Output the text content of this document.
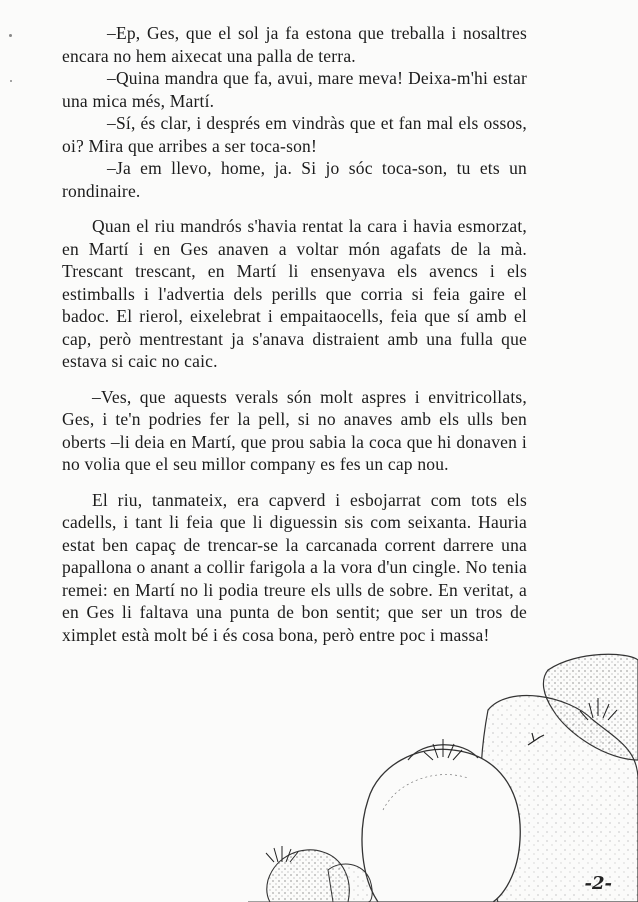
–Ep, Ges, que el sol ja fa estona que treballa i nosaltres encara no hem aixecat una palla de terra.

–Quina mandra que fa, avui, mare meva! Deixa-m'hi estar una mica més, Martí.

–Sí, és clar, i després em vindràs que et fan mal els ossos, oi? Mira que arribes a ser toca-son!

–Ja em llevo, home, ja. Si jo sóc toca-son, tu ets un rondinaire.

Quan el riu mandrós s'havia rentat la cara i havia esmorzat, en Martí i en Ges anaven a voltar món agafats de la mà. Trescant trescant, en Martí li ensenyava els avencs i els estimballs i l'advertia dels perills que corria si feia gaire el badoc. El rierol, eixelebrat i empaitaocells, feia que sí amb el cap, però mentrestant ja s'anava distraient amb una fulla que estava si caic no caic.

–Ves, que aquests verals són molt aspres i envitricollats, Ges, i te'n podries fer la pell, si no anaves amb els ulls ben oberts –li deia en Martí, que prou sabia la coca que hi donaven i no volia que el seu millor company es fes un cap nou.

El riu, tanmateix, era capverd i esbojarrat com tots els cadells, i tant li feia que li diguessin sis com seixanta. Hauria estat ben capaç de trencar-se la carcanada corrent darrere una papallona o anant a collir farigola a la vora d'un cingle. No tenia remei: en Martí no li podia treure els ulls de sobre. En veritat, a en Ges li faltava una punta de bon sentit; que ser un tros de ximplet està molt bé i és cosa bona, però entre poc i massa!

-2-
